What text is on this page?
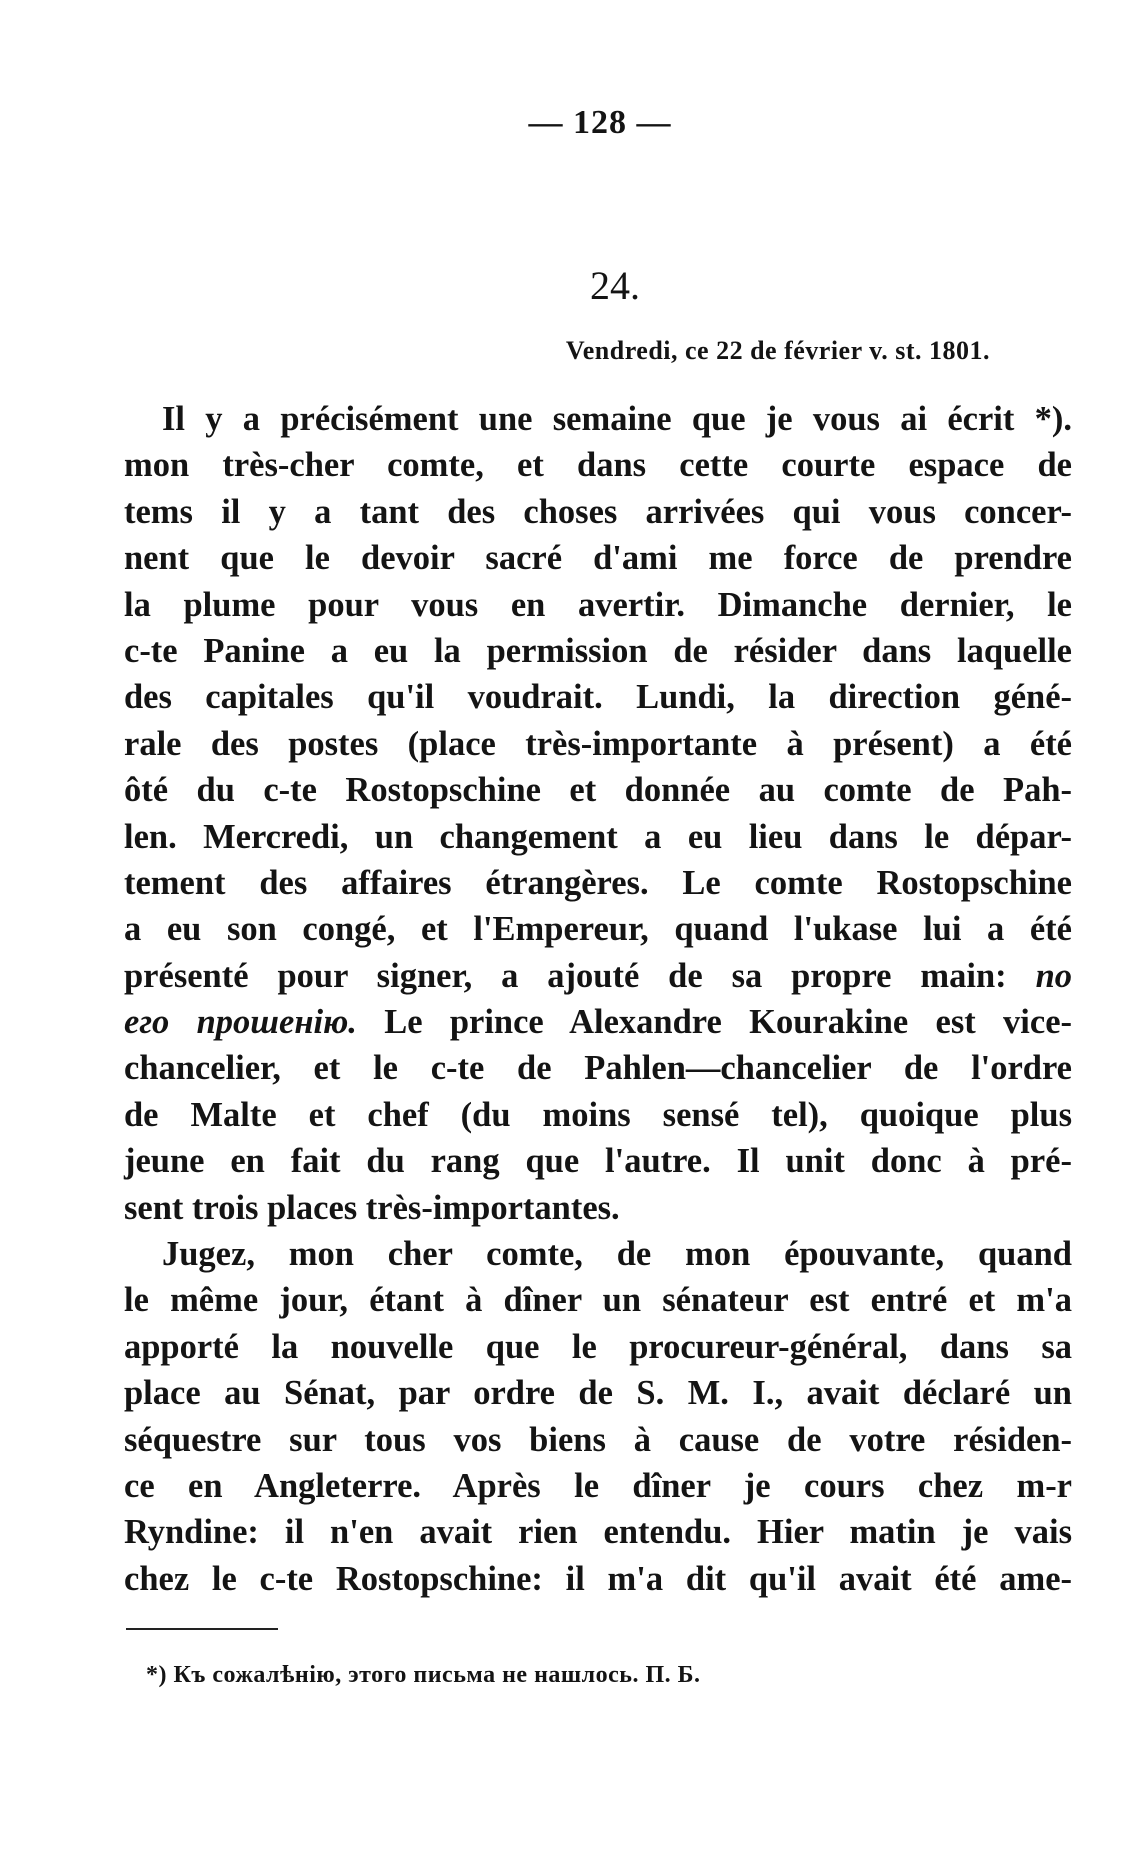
— 128 —
24.
Vendredi, ce 22 de février v. st. 1801.
Il y a précisément une semaine que je vous ai écrit *).
mon très-cher comte, et dans cette courte espace de
tems il y a tant des choses arrivées qui vous concer-
nent que le devoir sacré d'ami me force de prendre
la plume pour vous en avertir. Dimanche dernier, le
c-te Panine a eu la permission de résider dans laquelle
des capitales qu'il voudrait. Lundi, la direction géné-
rale des postes (place très-importante à présent) a été
ôté du c-te Rostopschine et donnée au comte de Pah-
len. Mercredi, un changement a eu lieu dans le dépar-
tement des affaires étrangères. Le comte Rostopschine
a eu son congé, et l'Empereur, quand l'ukase lui a été
présenté pour signer, a ajouté de sa propre main: по
его прошенію. Le prince Alexandre Kourakine est vice-
chancelier, et le c-te de Pahlen—chancelier de l'ordre
de Malte et chef (du moins sensé tel), quoique plus
jeune en fait du rang que l'autre. Il unit donc à pré-
sent trois places très-importantes.
Jugez, mon cher comte, de mon épouvante, quand
le même jour, étant à dîner un sénateur est entré et m'a
apporté la nouvelle que le procureur-général, dans sa
place au Sénat, par ordre de S. M. I., avait déclaré un
séquestre sur tous vos biens à cause de votre résiden-
ce en Angleterre. Après le dîner je cours chez m-r
Ryndine: il n'en avait rien entendu. Hier matin je vais
chez le c-te Rostopschine: il m'a dit qu'il avait été ame-
*) Къ сожалѣнію, этого письма не нашлось. П. Б.
